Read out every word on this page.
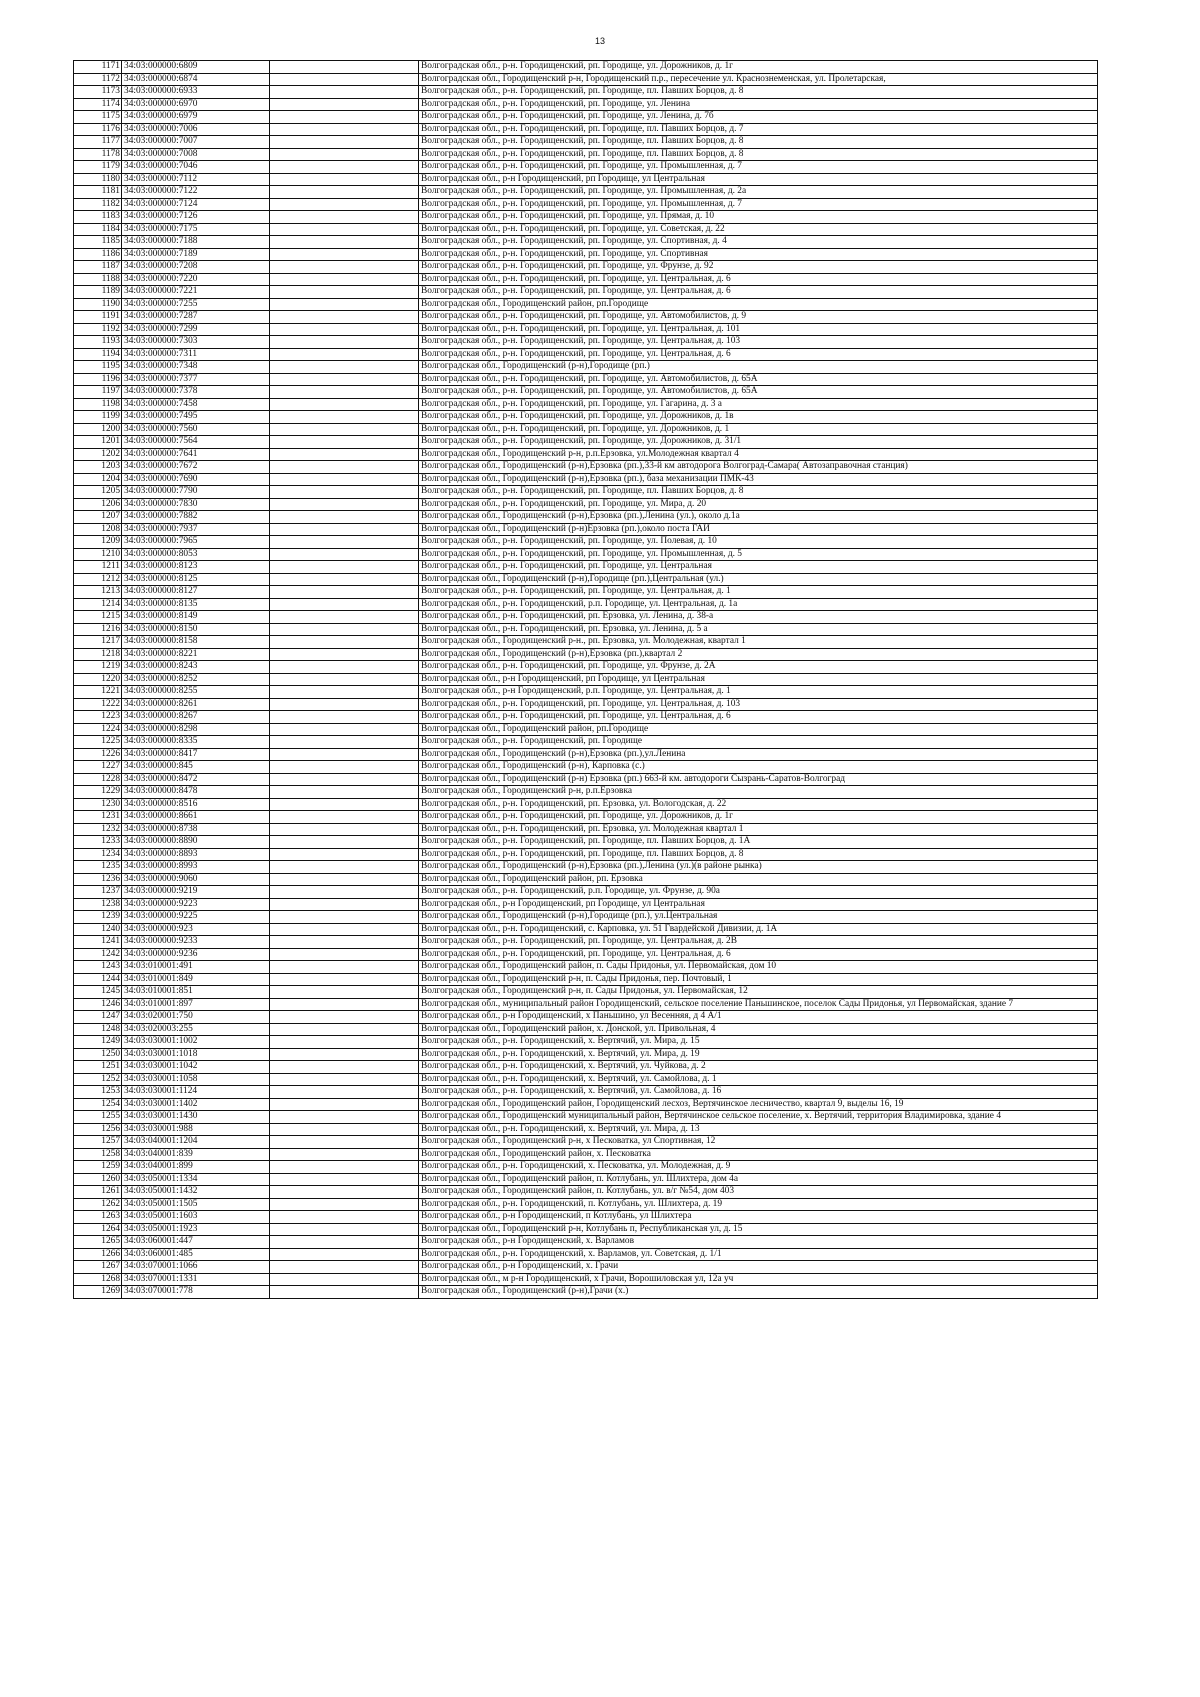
13
1171	34:03:000000:6809		Волгоградская обл., р-н. Городищенский, рп. Городище, ул. Дорожников, д. 1г
1172	34:03:000000:6874		Волгоградская обл., Городищенский р-н, Городищенский п.р., пересечение ул. Краснознеменская, ул. Пролетарская,
1173	34:03:000000:6933		Волгоградская обл., р-н. Городищенский, рп. Городище, пл. Павших Борцов, д. 8
1174	34:03:000000:6970		Волгоградская обл., р-н. Городищенский, рп. Городище, ул. Ленина
1175	34:03:000000:6979		Волгоградская обл., р-н. Городищенский, рп. Городище, ул. Ленина, д. 7б
1176	34:03:000000:7006		Волгоградская обл., р-н. Городищенский, рп. Городище, пл. Павших Борцов, д. 7
1177	34:03:000000:7007		Волгоградская обл., р-н. Городищенский, рп. Городище, пл. Павших Борцов, д. 8
1178	34:03:000000:7008		Волгоградская обл., р-н. Городищенский, рп. Городище, пл. Павших Борцов, д. 8
1179	34:03:000000:7046		Волгоградская обл., р-н. Городищенский, рп. Городище, ул. Промышленная, д. 7
1180	34:03:000000:7112		Волгоградская обл., р-н Городищенский, рп Городище, ул Центральная
1181	34:03:000000:7122		Волгоградская обл., р-н. Городищенский, рп. Городище, ул. Промышленная, д. 2а
1182	34:03:000000:7124		Волгоградская обл., р-н. Городищенский, рп. Городище, ул. Промышленная, д. 7
1183	34:03:000000:7126		Волгоградская обл., р-н. Городищенский, рп. Городище, ул. Прямая, д. 10
1184	34:03:000000:7175		Волгоградская обл., р-н. Городищенский, рп. Городище, ул. Советская, д. 22
1185	34:03:000000:7188		Волгоградская обл., р-н. Городищенский, рп. Городище, ул. Спортивная, д. 4
1186	34:03:000000:7189		Волгоградская обл., р-н. Городищенский, рп. Городище, ул. Спортивная
1187	34:03:000000:7208		Волгоградская обл., р-н. Городищенский, рп. Городище, ул. Фрунзе, д. 92
1188	34:03:000000:7220		Волгоградская обл., р-н. Городищенский, рп. Городище, ул. Центральная, д. 6
1189	34:03:000000:7221		Волгоградская обл., р-н. Городищенский, рп. Городище, ул. Центральная, д. 6
1190	34:03:000000:7255		Волгоградская обл., Городищенский район, рп.Городище
1191	34:03:000000:7287		Волгоградская обл., р-н. Городищенский, рп. Городище, ул. Автомобилистов, д. 9
1192	34:03:000000:7299		Волгоградская обл., р-н. Городищенский, рп. Городище, ул. Центральная, д. 101
1193	34:03:000000:7303		Волгоградская обл., р-н. Городищенский, рп. Городище, ул. Центральная, д. 103
1194	34:03:000000:7311		Волгоградская обл., р-н. Городищенский, рп. Городище, ул. Центральная, д. 6
1195	34:03:000000:7348		Волгоградская обл., Городищенский (р-н),Городище (рп.)
1196	34:03:000000:7377		Волгоградская обл., р-н. Городищенский, рп. Городище, ул. Автомобилистов, д. 65А
1197	34:03:000000:7378		Волгоградская обл., р-н. Городищенский, рп. Городище, ул. Автомобилистов, д. 65А
1198	34:03:000000:7458		Волгоградская обл., р-н. Городищенский, рп. Городище, ул. Гагарина, д. 3 а
1199	34:03:000000:7495		Волгоградская обл., р-н. Городищенский, рп. Городище, ул. Дорожников, д. 1в
1200	34:03:000000:7560		Волгоградская обл., р-н. Городищенский, рп. Городище, ул. Дорожников, д. 1
1201	34:03:000000:7564		Волгоградская обл., р-н. Городищенский, рп. Городище, ул. Дорожников, д. 31/1
1202	34:03:000000:7641		Волгоградская обл., Городищенский р-н, р.п.Ерзовка, ул.Молодежная квартал 4
1203	34:03:000000:7672		Волгоградская обл., Городищенский (р-н),Ерзовка (рп.),33-й км автодорога Волгоград-Самара( Автозаправочная станция)
1204	34:03:000000:7690		Волгоградская обл., Городищенский (р-н),Ерзовка (рп.), база механизации ПМК-43
1205	34:03:000000:7790		Волгоградская обл., р-н. Городищенский, рп. Городище, пл. Павших Борцов, д. 8
1206	34:03:000000:7830		Волгоградская обл., р-н. Городищенский, рп. Городище, ул. Мира, д. 20
1207	34:03:000000:7882		Волгоградская обл., Городищенский (р-н),Ерзовка (рп.),Ленина (ул.), около д.1а
1208	34:03:000000:7937		Волгоградская обл., Городищенский (р-н)Ерзовка (рп.),около поста ГАИ
1209	34:03:000000:7965		Волгоградская обл., р-н. Городищенский, рп. Городище, ул. Полевая, д. 10
1210	34:03:000000:8053		Волгоградская обл., р-н. Городищенский, рп. Городище, ул. Промышленная, д. 5
1211	34:03:000000:8123		Волгоградская обл., р-н. Городищенский, рп. Городище, ул. Центральная
1212	34:03:000000:8125		Волгоградская обл., Городищенский (р-н),Городище (рп.),Центральная (ул.)
1213	34:03:000000:8127		Волгоградская обл., р-н. Городищенский, рп. Городище, ул. Центральная, д. 1
1214	34:03:000000:8135		Волгоградская обл., р-н. Городищенский, р.п. Городище, ул. Центральная, д. 1а
1215	34:03:000000:8149		Волгоградская обл., р-н. Городищенский, рп. Ерзовка, ул. Ленина, д. 38-а
1216	34:03:000000:8150		Волгоградская обл., р-н. Городищенский, рп. Ерзовка, ул. Ленина, д. 5 а
1217	34:03:000000:8158		Волгоградская обл., Городищенский р-н., рп. Ерзовка, ул. Молодежная, квартал 1
1218	34:03:000000:8221		Волгоградская обл., Городищенский (р-н),Ерзовка (рп.),квартал 2
1219	34:03:000000:8243		Волгоградская обл., р-н. Городищенский, рп. Городище, ул. Фрунзе, д. 2А
1220	34:03:000000:8252		Волгоградская обл., р-н Городищенский, рп Городище, ул Центральная
1221	34:03:000000:8255		Волгоградская обл., р-н Городищенский, р.п. Городище, ул. Центральная, д. 1
1222	34:03:000000:8261		Волгоградская обл., р-н. Городищенский, рп. Городище, ул. Центральная, д. 103
1223	34:03:000000:8267		Волгоградская обл., р-н. Городищенский, рп. Городище, ул. Центральная, д. 6
1224	34:03:000000:8298		Волгоградская обл., Городищенский район, рп.Городище
1225	34:03:000000:8335		Волгоградская обл., р-н. Городищенский, рп. Городище
1226	34:03:000000:8417		Волгоградская обл., Городищенский (р-н),Ерзовка (рп.),ул.Ленина
1227	34:03:000000:845		Волгоградская обл., Городищенский (р-н), Карповка (с.)
1228	34:03:000000:8472		Волгоградская обл., Городищенский (р-н) Ерзовка (рп.) 663-й км. автодороги Сызрань-Саратов-Волгоград
1229	34:03:000000:8478		Волгоградская обл., Городищенский р-н, р.п.Ерзовка
1230	34:03:000000:8516		Волгоградская обл., р-н. Городищенский, рп. Ерзовка, ул. Вологодская, д. 22
1231	34:03:000000:8661		Волгоградская обл., р-н. Городищенский, рп. Городище, ул. Дорожников, д. 1г
1232	34:03:000000:8738		Волгоградская обл., р-н. Городищенский, рп. Ерзовка, ул. Молодежная квартал 1
1233	34:03:000000:8890		Волгоградская обл., р-н. Городищенский, рп. Городище, пл. Павших Борцов, д. 1А
1234	34:03:000000:8893		Волгоградская обл., р-н. Городищенский, рп. Городище, пл. Павших Борцов, д. 8
1235	34:03:000000:8993		Волгоградская обл., Городищенский (р-н),Ерзовка (рп.),Ленина (ул.)(в районе рынка)
1236	34:03:000000:9060		Волгоградская обл., Городищенский район, рп. Ерзовка
1237	34:03:000000:9219		Волгоградская обл., р-н. Городищенский, р.п. Городище, ул. Фрунзе, д. 90а
1238	34:03:000000:9223		Волгоградская обл., р-н Городищенский, рп Городище, ул Центральная
1239	34:03:000000:9225		Волгоградская обл., Городищенский (р-н),Городище (рп.), ул.Центральная
1240	34:03:000000:923		Волгоградская обл., р-н. Городищенский, с. Карповка, ул. 51 Гвардейской Дивизии, д. 1А
1241	34:03:000000:9233		Волгоградская обл., р-н. Городищенский, рп. Городище, ул. Центральная, д. 2В
1242	34:03:000000:9236		Волгоградская обл., р-н. Городищенский, рп. Городище, ул. Центральная, д. 6
1243	34:03:010001:491		Волгоградская обл., Городищенский район, п. Сады Придонья, ул. Первомайская, дом 10
1244	34:03:010001:849		Волгоградская обл., Городищенский р-н, п. Сады Придонья, пер. Почтовый, 1
1245	34:03:010001:851		Волгоградская обл., Городищенский р-н, п. Сады Придонья, ул. Первомайская, 12
1246	34:03:010001:897		Волгоградская обл., муниципальный район Городищенский, сельское поселение Паньшинское, поселок Сады Придонья, ул Первомайская, здание 7
1247	34:03:020001:750		Волгоградская обл., р-н Городищенский, х Паньшино, ул Весенняя, д 4 А/1
1248	34:03:020003:255		Волгоградская обл., Городищенский район, х. Донской, ул. Привольная, 4
1249	34:03:030001:1002		Волгоградская обл., р-н. Городищенский, х. Вертячий, ул. Мира, д. 15
1250	34:03:030001:1018		Волгоградская обл., р-н. Городищенский, х. Вертячий, ул. Мира, д. 19
1251	34:03:030001:1042		Волгоградская обл., р-н. Городищенский, х. Вертячий, ул. Чуйкова, д. 2
1252	34:03:030001:1058		Волгоградская обл., р-н. Городищенский, х. Вертячий, ул. Самойлова, д. 1
1253	34:03:030001:1124		Волгоградская обл., р-н. Городищенский, х. Вертячий, ул. Самойлова, д. 16
1254	34:03:030001:1402		Волгоградская обл., Городищенский район, Городищенский лесхоз, Вертячинское лесничество, квартал 9, выделы 16, 19
1255	34:03:030001:1430		Волгоградская обл., Городищенский муниципальный район, Вертячинское сельское поселение, х. Вертячий, территория Владимировка, здание 4
1256	34:03:030001:988		Волгоградская обл., р-н. Городищенский, х. Вертячий, ул. Мира, д. 13
1257	34:03:040001:1204		Волгоградская обл., Городищенский р-н, х Песковатка, ул Спортивная, 12
1258	34:03:040001:839		Волгоградская обл., Городищенский район, х. Песковатка
1259	34:03:040001:899		Волгоградская обл., р-н. Городищенский, х. Песковатка, ул. Молодежная, д. 9
1260	34:03:050001:1334		Волгоградская обл., Городищенский район, п. Котлубань, ул. Шлихтера, дом 4а
1261	34:03:050001:1432		Волгоградская обл., Городищенский район, п. Котлубань, ул. в/г №54, дом 403
1262	34:03:050001:1505		Волгоградская обл., р-н. Городищенский, п. Котлубань, ул. Шлихтера, д. 19
1263	34:03:050001:1603		Волгоградская обл., р-н Городищенский, п Котлубань, ул Шлихтера
1264	34:03:050001:1923		Волгоградская обл., Городищенский р-н, Котлубань п, Республиканская ул, д. 15
1265	34:03:060001:447		Волгоградская обл., р-н Городищенский, х. Варламов
1266	34:03:060001:485		Волгоградская обл., р-н. Городищенский, х. Варламов, ул. Советская, д. 1/1
1267	34:03:070001:1066		Волгоградская обл., р-н Городищенский, х. Грачи
1268	34:03:070001:1331		Волгоградская обл., м р-н Городищенский, х Грачи, Ворошиловская ул, 12а уч
1269	34:03:070001:778		Волгоградская обл., Городищенский (р-н),Грачи (х.)
